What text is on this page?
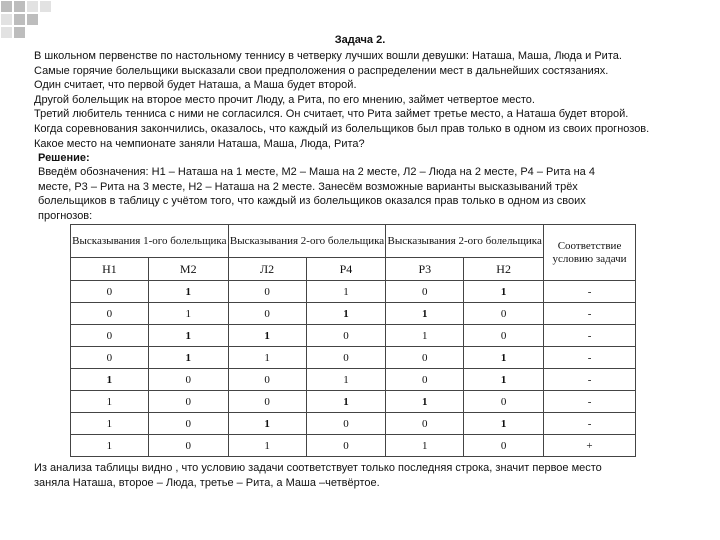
Задача 2.
В школьном первенстве по настольному теннису в четверку лучших вошли девушки: Наташа, Маша, Люда и Рита.
Самые горячие болельщики высказали свои предположения о распределении мест в дальнейших состязаниях.
Один считает, что первой будет Наташа, а Маша будет второй.
Другой болельщик на второе место прочит Люду, а Рита, по его мнению, займет четвертое место.
Третий любитель тенниса с ними не согласился. Он считает, что Рита займет третье место, а Наташа будет второй.
Когда соревнования закончились, оказалось, что каждый из болельщиков был прав только в одном из своих прогнозов.
Какое место на чемпионате заняли Наташа, Маша, Люда, Рита?
Решение:
Введём обозначения: Н1 – Наташа на 1 месте, М2 – Маша на 2 месте, Л2 – Люда на 2 месте, Р4 – Рита на 4
месте, Р3 – Рита на 3 месте, Н2 – Наташа на 2 месте. Занесём возможные варианты высказываний трёх
болельщиков в таблицу с учётом того, что каждый из болельщиков оказался прав только в одном из своих
прогнозов:
Высказывания 1-ого болельщика		Высказывания 2-ого болельщика		Высказывания 2-ого болельщика		Соответствие условию задачи
Н1	М2	Л2	Р4	Р3	Н2	
0	1	0	1	0	1	-
0	1	0	1	1	0	-
0	1	1	0	1	0	-
0	1	1	0	0	1	-
1	0	0	1	0	1	-
1	0	0	1	1	0	-
1	0	1	0	0	1	-
1	0	1	0	1	0	+
Из анализа таблицы видно , что условию задачи соответствует только последняя строка, значит первое место
заняла Наташа, второе – Люда, третье – Рита, а Маша –четвёртое.
